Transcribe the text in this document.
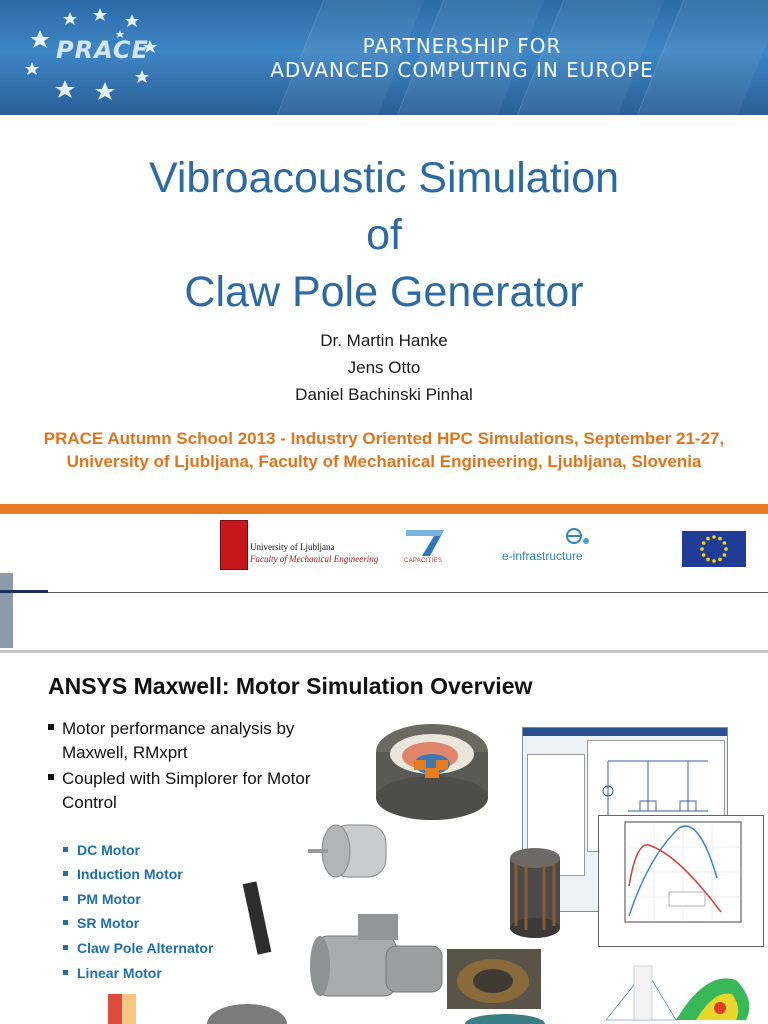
PRACE	PARTNERSHIP FOR
ADVANCED COMPUTING IN EUROPE
Vibroacoustic Simulation
of
Claw Pole Generator
Dr. Martin Hanke
Jens Otto
Daniel Bachinski Pinhal
PRACE Autumn School 2013 - Industry Oriented HPC Simulations, September 21-27, University of Ljubljana, Faculty of Mechanical Engineering, Ljubljana, Slovenia
University of Ljubljana
Faculty of Mechanical Engineering	CAPACITIES	e-infrastructure
ANSYS Maxwell: Motor Simulation Overview
Motor performance analysis by
Maxwell, RMxprt
Coupled with Simplorer for Motor
Control
DC Motor
Induction Motor
PM Motor
SR Motor
Claw Pole Alternator
Linear Motor
